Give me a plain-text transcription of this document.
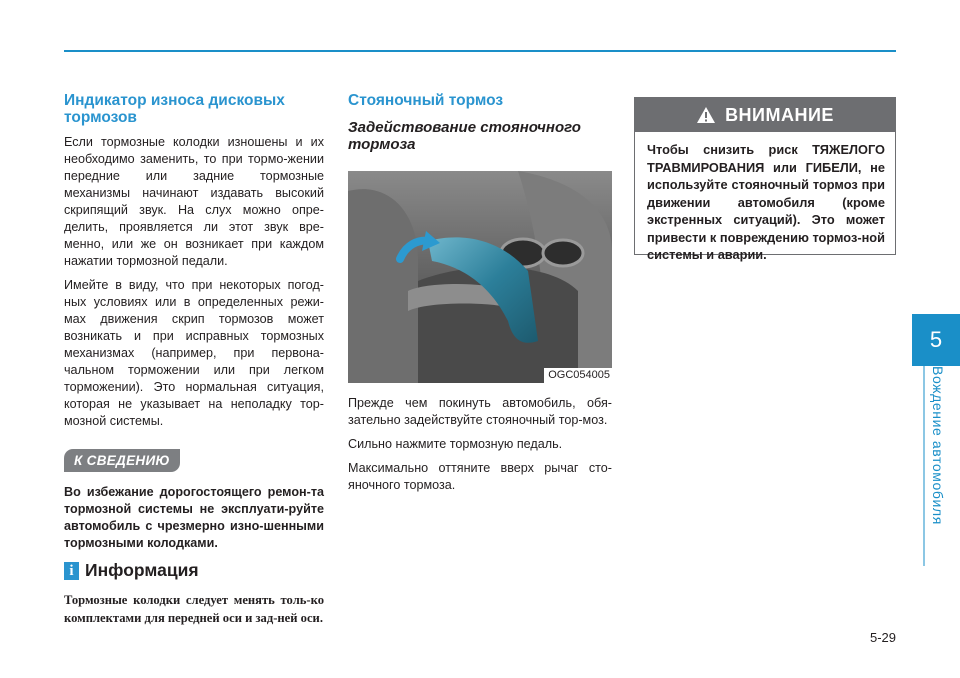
Индикатор износа дисковых тормозов

Если тормозные колодки изношены и их необходимо заменить, то при тормо-жении передние или задние тормозные механизмы начинают издавать высокий скрипящий звук. На слух можно опре-делить, проявляется ли этот звук вре-менно, или же он возникает при каждом нажатии тормозной педали.

Имейте в виду, что при некоторых погод-ных условиях или в определенных режи-мах движения скрип тормозов может возникать и при исправных тормозных механизмах (например, при первона-чальном торможении или при легком торможении). Это нормальная ситуация, которая не указывает на неполадку тор-мозной системы.

К СВЕДЕНИЮ

Во избежание дорогостоящего ремон-та тормозной системы не эксплуати-руйте автомобиль с чрезмерно изно-шенными тормозными колодками.

i Информация

Тормозные колодки следует менять толь-ко комплектами для передней оси и зад-ней оси.

Стояночный тормоз
Задействование стояночного тормоза
OGC054005

Прежде чем покинуть автомобиль, обя-зательно задействуйте стояночный тор-моз.

Сильно нажмите тормозную педаль.

Максимально оттяните вверх рычаг сто-яночного тормоза.

ВНИМАНИЕ
Чтобы снизить риск ТЯЖЕЛОГО ТРАВМИРОВАНИЯ или ГИБЕЛИ, не используйте стояночный тормоз при движении автомобиля (кроме экстренных ситуаций). Это может привести к повреждению тормоз-ной системы и аварии.
5
Вождение автомобиля
5-29
